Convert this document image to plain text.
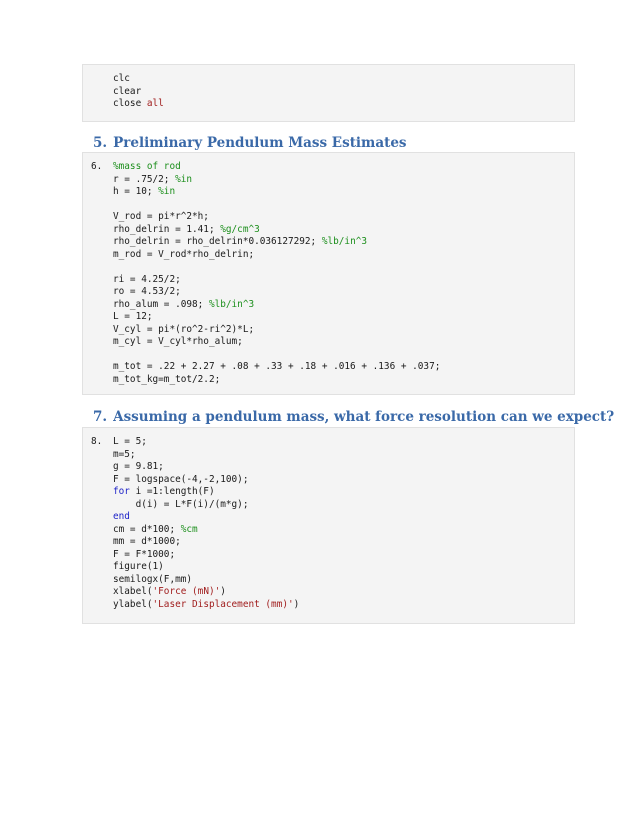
clc
clear
close all
5. Preliminary Pendulum Mass Estimates
6. %mass of rod
r = .75/2; %in
h = 10; %in
V_rod = pi*r^2*h;
rho_delrin = 1.41; %g/cm^3
rho_delrin = rho_delrin*0.036127292; %lb/in^3
m_rod = V_rod*rho_delrin;
ri = 4.25/2;
ro = 4.53/2;
rho_alum = .098; %lb/in^3
L = 12;
V_cyl = pi*(ro^2-ri^2)*L;
m_cyl = V_cyl*rho_alum;
m_tot = .22 + 2.27 + .08 + .33 + .18 + .016 + .136 + .037;
m_tot_kg=m_tot/2.2;
7. Assuming a pendulum mass, what force resolution can we expect?
8. L = 5;
m=5;
g = 9.81;
F = logspace(-4,-2,100);
for i =1:length(F)
d(i) = L*F(i)/(m*g);
end
cm = d*100; %cm
mm = d*1000;
F = F*1000;
figure(1)
semilogx(F,mm)
xlabel('Force (mN)')
ylabel('Laser Displacement (mm)')
